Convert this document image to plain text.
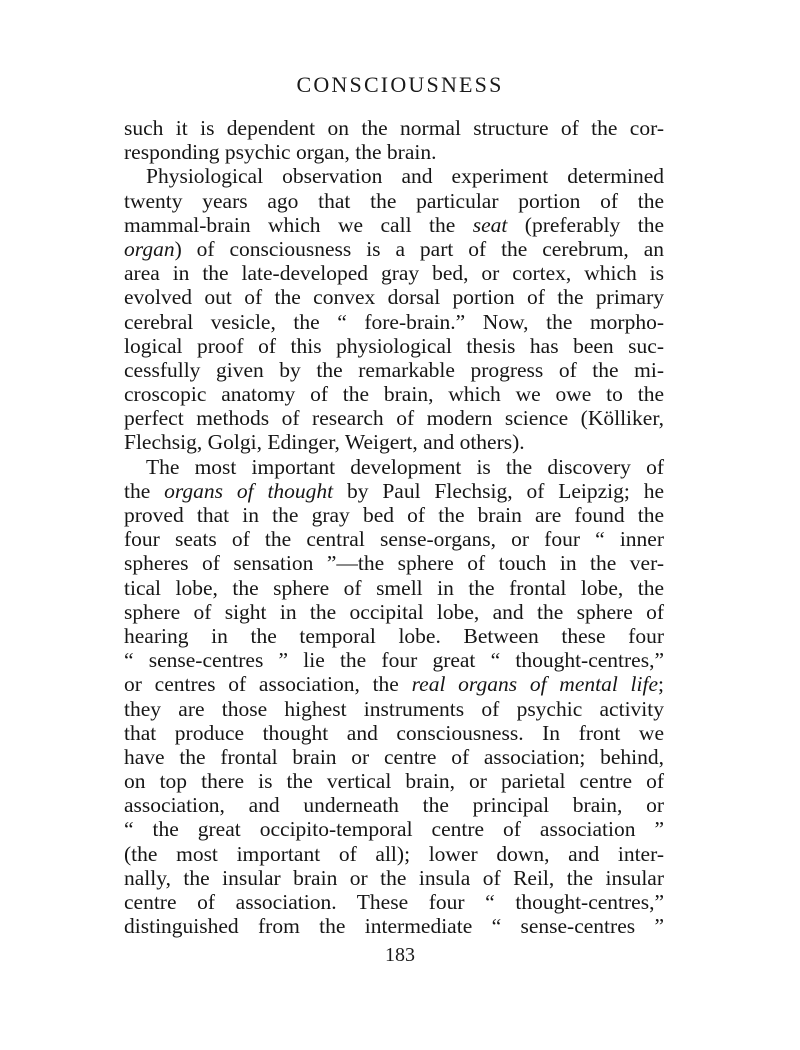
CONSCIOUSNESS
such it is dependent on the normal structure of the cor-
responding psychic organ, the brain.
Physiological observation and experiment determined
twenty years ago that the particular portion of the
mammal-brain which we call the seat (preferably the
organ) of consciousness is a part of the cerebrum, an
area in the late-developed gray bed, or cortex, which is
evolved out of the convex dorsal portion of the primary
cerebral vesicle, the “ fore-brain.” Now, the morpho-
logical proof of this physiological thesis has been suc-
cessfully given by the remarkable progress of the mi-
croscopic anatomy of the brain, which we owe to the
perfect methods of research of modern science (Kölliker,
Flechsig, Golgi, Edinger, Weigert, and others).
The most important development is the discovery of
the organs of thought by Paul Flechsig, of Leipzig; he
proved that in the gray bed of the brain are found the
four seats of the central sense-organs, or four “ inner
spheres of sensation ”—the sphere of touch in the ver-
tical lobe, the sphere of smell in the frontal lobe, the
sphere of sight in the occipital lobe, and the sphere of
hearing in the temporal lobe. Between these four
“ sense-centres ” lie the four great “ thought-centres,”
or centres of association, the real organs of mental life;
they are those highest instruments of psychic activity
that produce thought and consciousness. In front we
have the frontal brain or centre of association; behind,
on top there is the vertical brain, or parietal centre of
association, and underneath the principal brain, or
“ the great occipito-temporal centre of association ”
(the most important of all); lower down, and inter-
nally, the insular brain or the insula of Reil, the insular
centre of association. These four “ thought-centres,”
distinguished from the intermediate “ sense-centres ”
183
